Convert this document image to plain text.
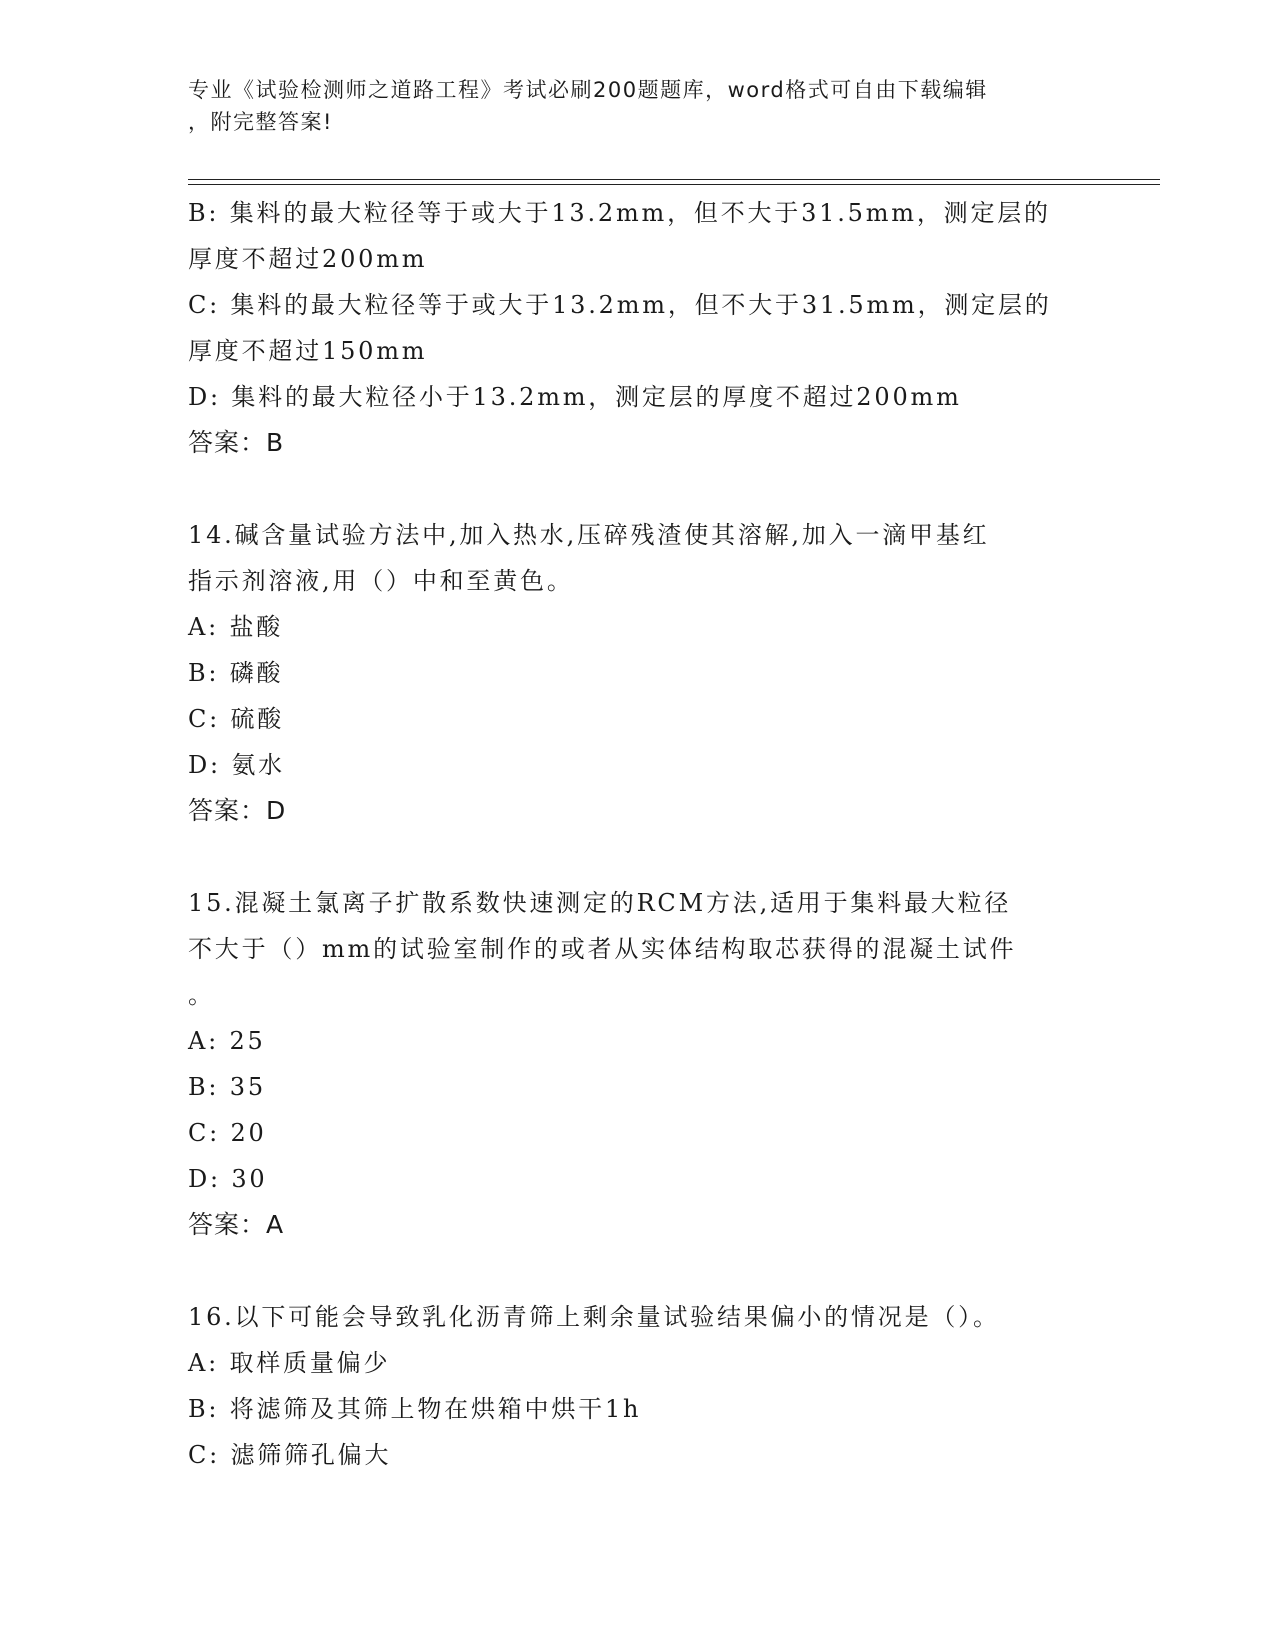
专业《试验检测师之道路工程》考试必刷200题题库，word格式可自由下载编辑
，附完整答案!
B: 集料的最大粒径等于或大于13.2mm，但不大于31.5mm，测定层的
厚度不超过200mm
C: 集料的最大粒径等于或大于13.2mm，但不大于31.5mm，测定层的
厚度不超过150mm
D: 集料的最大粒径小于13.2mm，测定层的厚度不超过200mm
答案：B
14.碱含量试验方法中,加入热水,压碎残渣使其溶解,加入一滴甲基红
指示剂溶液,用（）中和至黄色。
A: 盐酸
B: 磷酸
C: 硫酸
D: 氨水
答案：D
15.混凝土氯离子扩散系数快速测定的RCM方法,适用于集料最大粒径
不大于（）mm的试验室制作的或者从实体结构取芯获得的混凝土试件
。
A: 25
B: 35
C: 20
D: 30
答案：A
16.以下可能会导致乳化沥青筛上剩余量试验结果偏小的情况是（）。
A: 取样质量偏少
B: 将滤筛及其筛上物在烘箱中烘干1h
C: 滤筛筛孔偏大
